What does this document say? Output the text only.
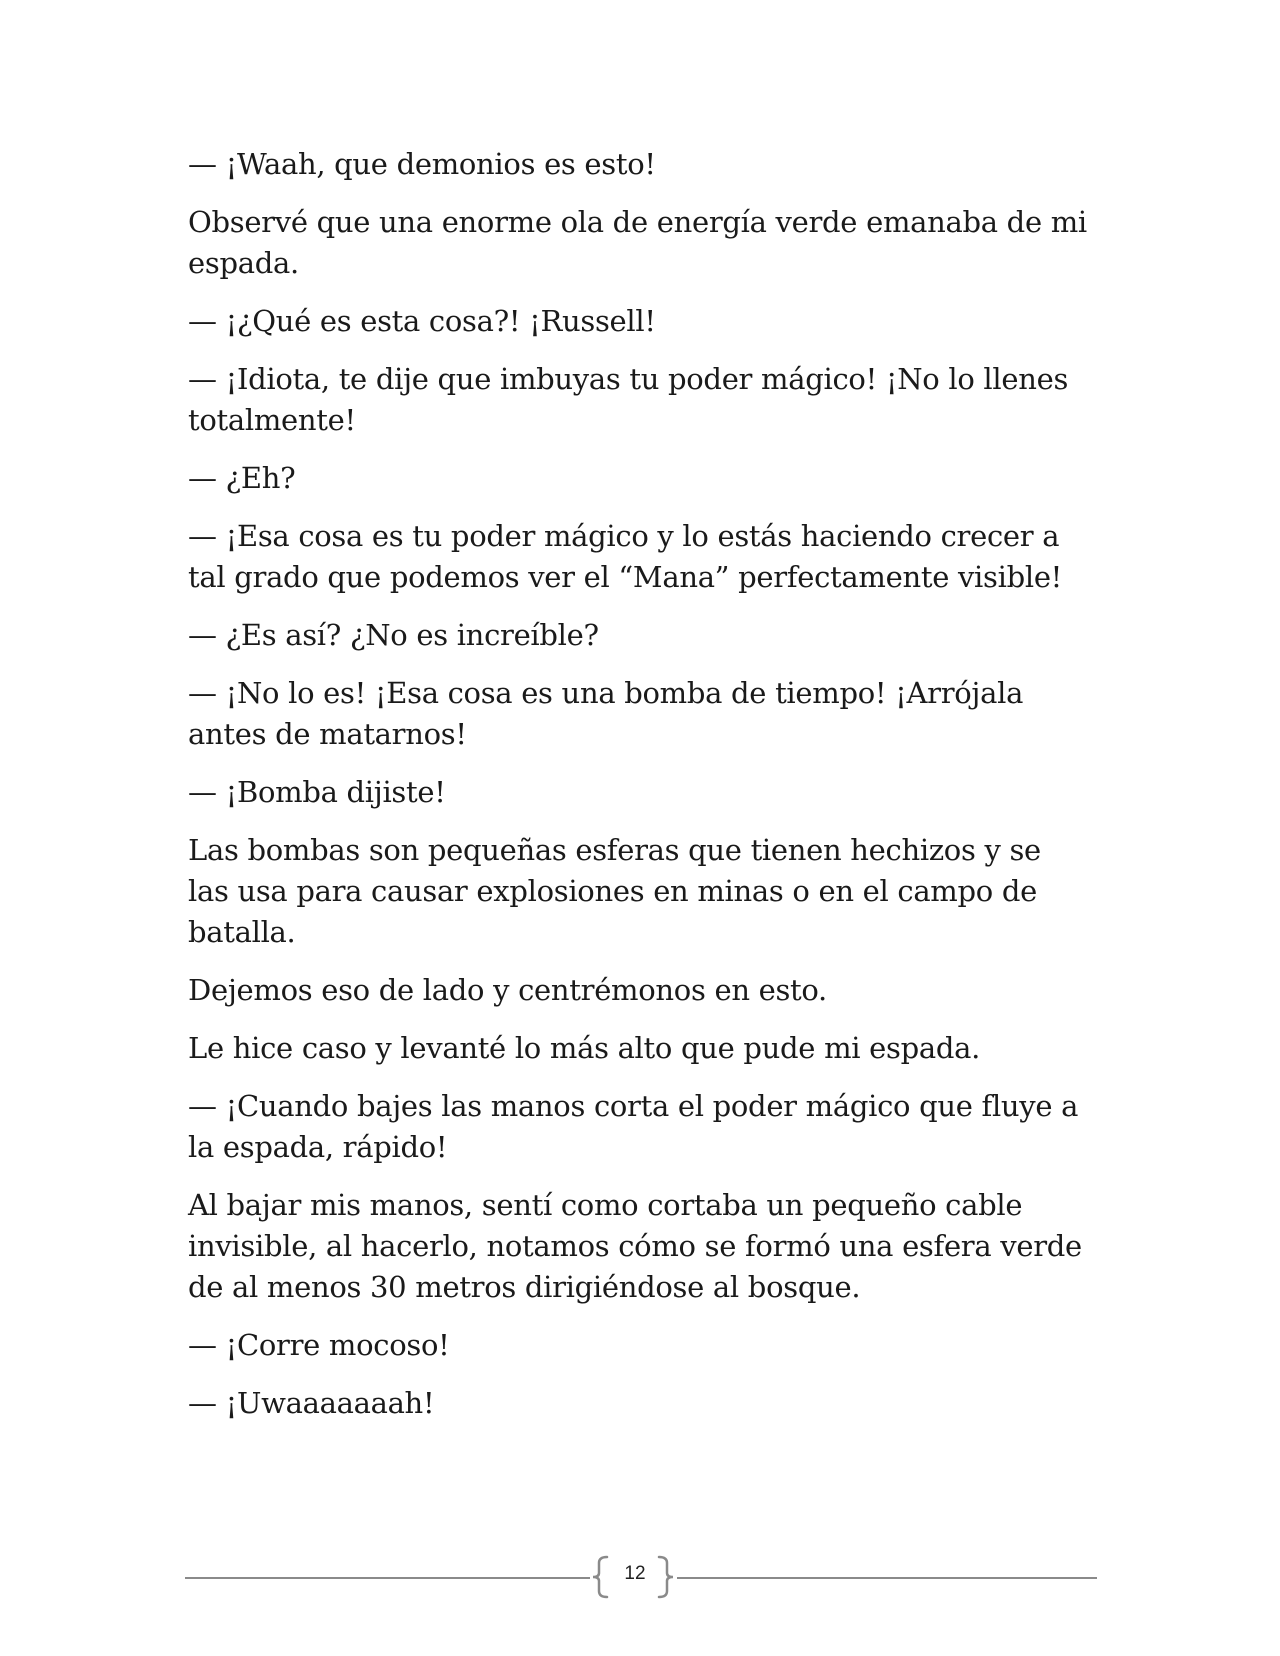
— ¡Waah, que demonios es esto!

Observé que una enorme ola de energía verde emanaba de mi espada.

— ¡¿Qué es esta cosa?! ¡Russell!

— ¡Idiota, te dije que imbuyas tu poder mágico! ¡No lo llenes totalmente!

— ¿Eh?

— ¡Esa cosa es tu poder mágico y lo estás haciendo crecer a tal grado que podemos ver el “Mana” perfectamente visible!

— ¿Es así? ¿No es increíble?

— ¡No lo es! ¡Esa cosa es una bomba de tiempo! ¡Arrójala antes de matarnos!

— ¡Bomba dijiste!

Las bombas son pequeñas esferas que tienen hechizos y se las usa para causar explosiones en minas o en el campo de batalla.

Dejemos eso de lado y centrémonos en esto.

Le hice caso y levanté lo más alto que pude mi espada.

— ¡Cuando bajes las manos corta el poder mágico que fluye a la espada, rápido!

Al bajar mis manos, sentí como cortaba un pequeño cable invisible, al hacerlo, notamos cómo se formó una esfera verde de al menos 30 metros dirigiéndose al bosque.

— ¡Corre mocoso!

— ¡Uwaaaaaaah!

12
